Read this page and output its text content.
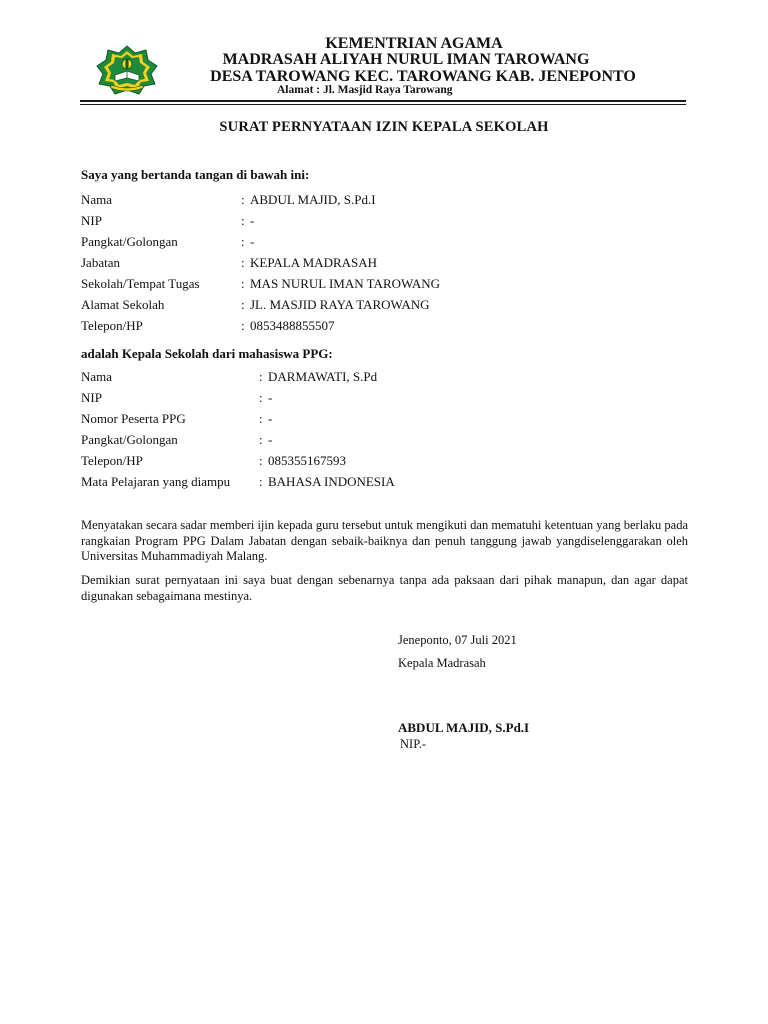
KEMENTRIAN AGAMA
MADRASAH ALIYAH NURUL IMAN TAROWANG
DESA TAROWANG KEC. TAROWANG KAB. JENEPONTO
Alamat : Jl. Masjid Raya Tarowang
SURAT PERNYATAAN IZIN KEPALA SEKOLAH
Saya yang bertanda tangan di bawah ini:
Nama	: ABDUL MAJID, S.Pd.I
NIP	: -
Pangkat/Golongan	: -
Jabatan	: KEPALA MADRASAH
Sekolah/Tempat Tugas	: MAS NURUL IMAN TAROWANG
Alamat Sekolah	: JL. MASJID RAYA TAROWANG
Telepon/HP	: 0853488855507
adalah Kepala Sekolah dari mahasiswa PPG:
Nama	: DARMAWATI, S.Pd
NIP	: -
Nomor Peserta PPG	: -
Pangkat/Golongan	: -
Telepon/HP	: 085355167593
Mata Pelajaran yang diampu : BAHASA INDONESIA
Menyatakan secara sadar memberi ijin kepada guru tersebut untuk mengikuti dan mematuhi ketentuan yang berlaku pada rangkaian Program PPG Dalam Jabatan dengan sebaik-baiknya dan penuh tanggung jawab yangdiselenggarakan oleh Universitas Muhammadiyah Malang.
Demikian surat pernyataan ini saya buat dengan sebenarnya tanpa ada paksaan dari pihak manapun, dan agar dapat digunakan sebagaimana mestinya.
Jeneponto, 07 Juli 2021
Kepala Madrasah
ABDUL MAJID, S.Pd.I
NIP.-
